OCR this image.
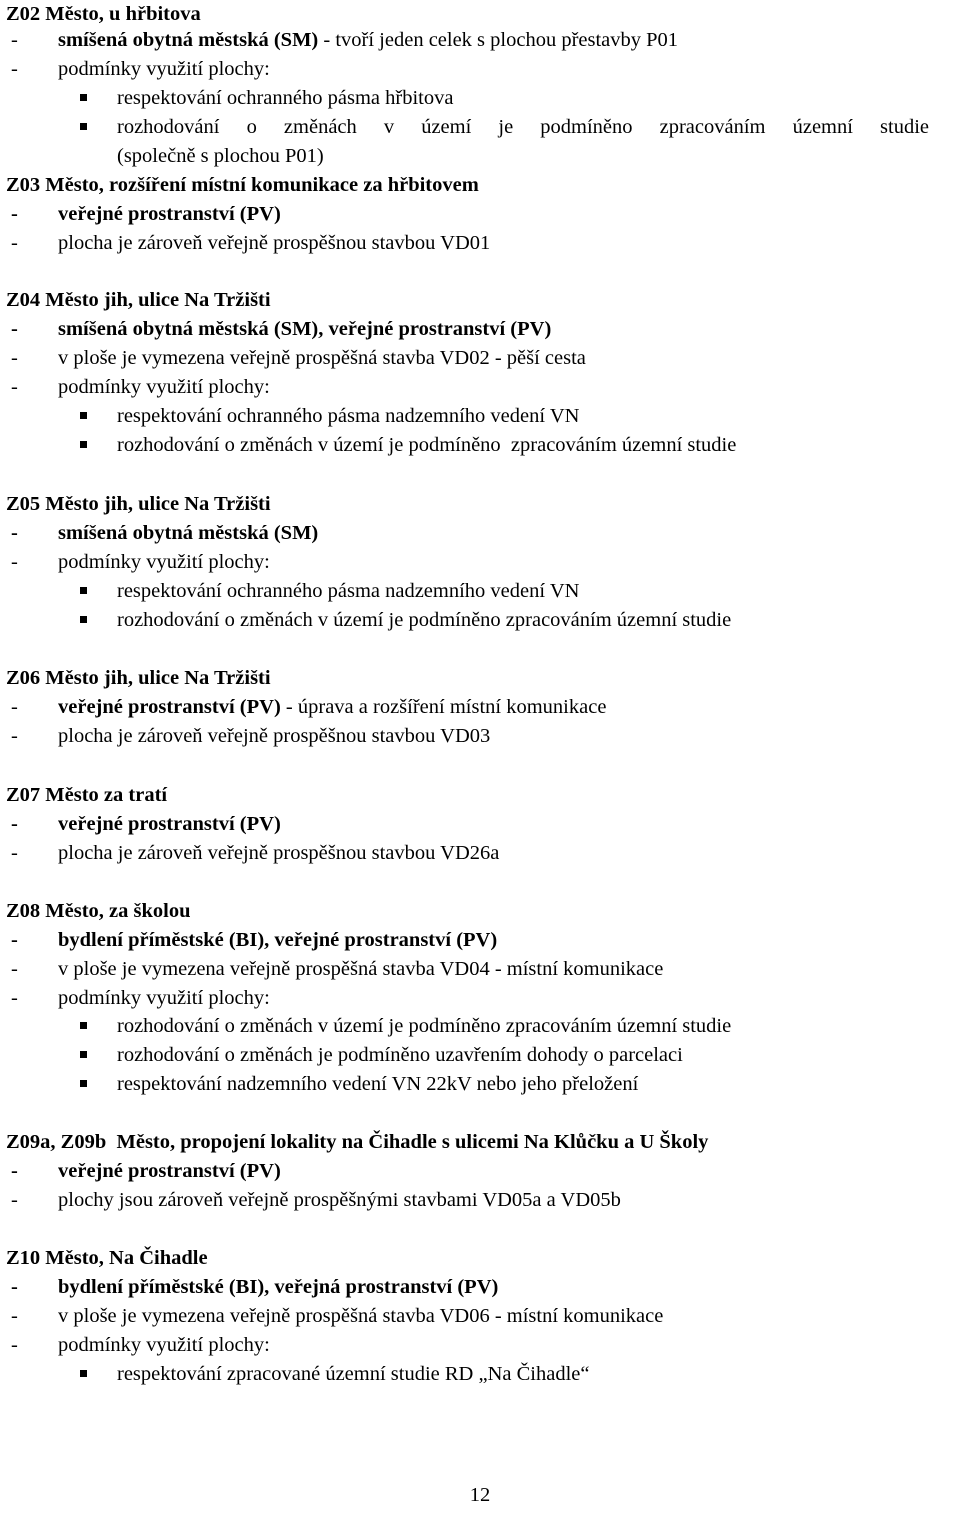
Z02 Město, u hřbitova
- smíšená obytná městská (SM) - tvoří jeden celek s plochou přestavby P01
- podmínky využití plochy:
respektování ochranného pásma hřbitova
rozhodování o změnách v území je podmíněno zpracováním územní studie
(společně s plochou P01)
Z03 Město, rozšíření místní komunikace za hřbitovem
- veřejné prostranství (PV)
- plocha je zároveň veřejně prospěšnou stavbou VD01
Z04 Město jih, ulice Na Tržišti
- smíšená obytná městská (SM), veřejné prostranství (PV)
- v ploše je vymezena veřejně prospěšná stavba VD02 - pěší cesta
- podmínky využití plochy:
respektování ochranného pásma nadzemního vedení VN
rozhodování o změnách v území je podmíněno  zpracováním územní studie
Z05 Město jih, ulice Na Tržišti
- smíšená obytná městská (SM)
- podmínky využití plochy:
respektování ochranného pásma nadzemního vedení VN
rozhodování o změnách v území je podmíněno zpracováním územní studie
Z06 Město jih, ulice Na Tržišti
- veřejné prostranství (PV) - úprava a rozšíření místní komunikace
- plocha je zároveň veřejně prospěšnou stavbou VD03
Z07 Město za tratí
- veřejné prostranství (PV)
- plocha je zároveň veřejně prospěšnou stavbou VD26a
Z08 Město, za školou
- bydlení příměstské (BI), veřejné prostranství (PV)
- v ploše je vymezena veřejně prospěšná stavba VD04 - místní komunikace
- podmínky využití plochy:
rozhodování o změnách v území je podmíněno zpracováním územní studie
rozhodování o změnách je podmíněno uzavřením dohody o parcelaci
respektování nadzemního vedení VN 22kV nebo jeho přeložení
Z09a, Z09b  Město, propojení lokality na Čihadle s ulicemi Na Klůčku a U Školy
- veřejné prostranství (PV)
- plochy jsou zároveň veřejně prospěšnými stavbami VD05a a VD05b
Z10 Město, Na Čihadle
- bydlení příměstské (BI), veřejná prostranství (PV)
- v ploše je vymezena veřejně prospěšná stavba VD06 - místní komunikace
- podmínky využití plochy:
respektování zpracované územní studie RD „Na Čihadle“
12
